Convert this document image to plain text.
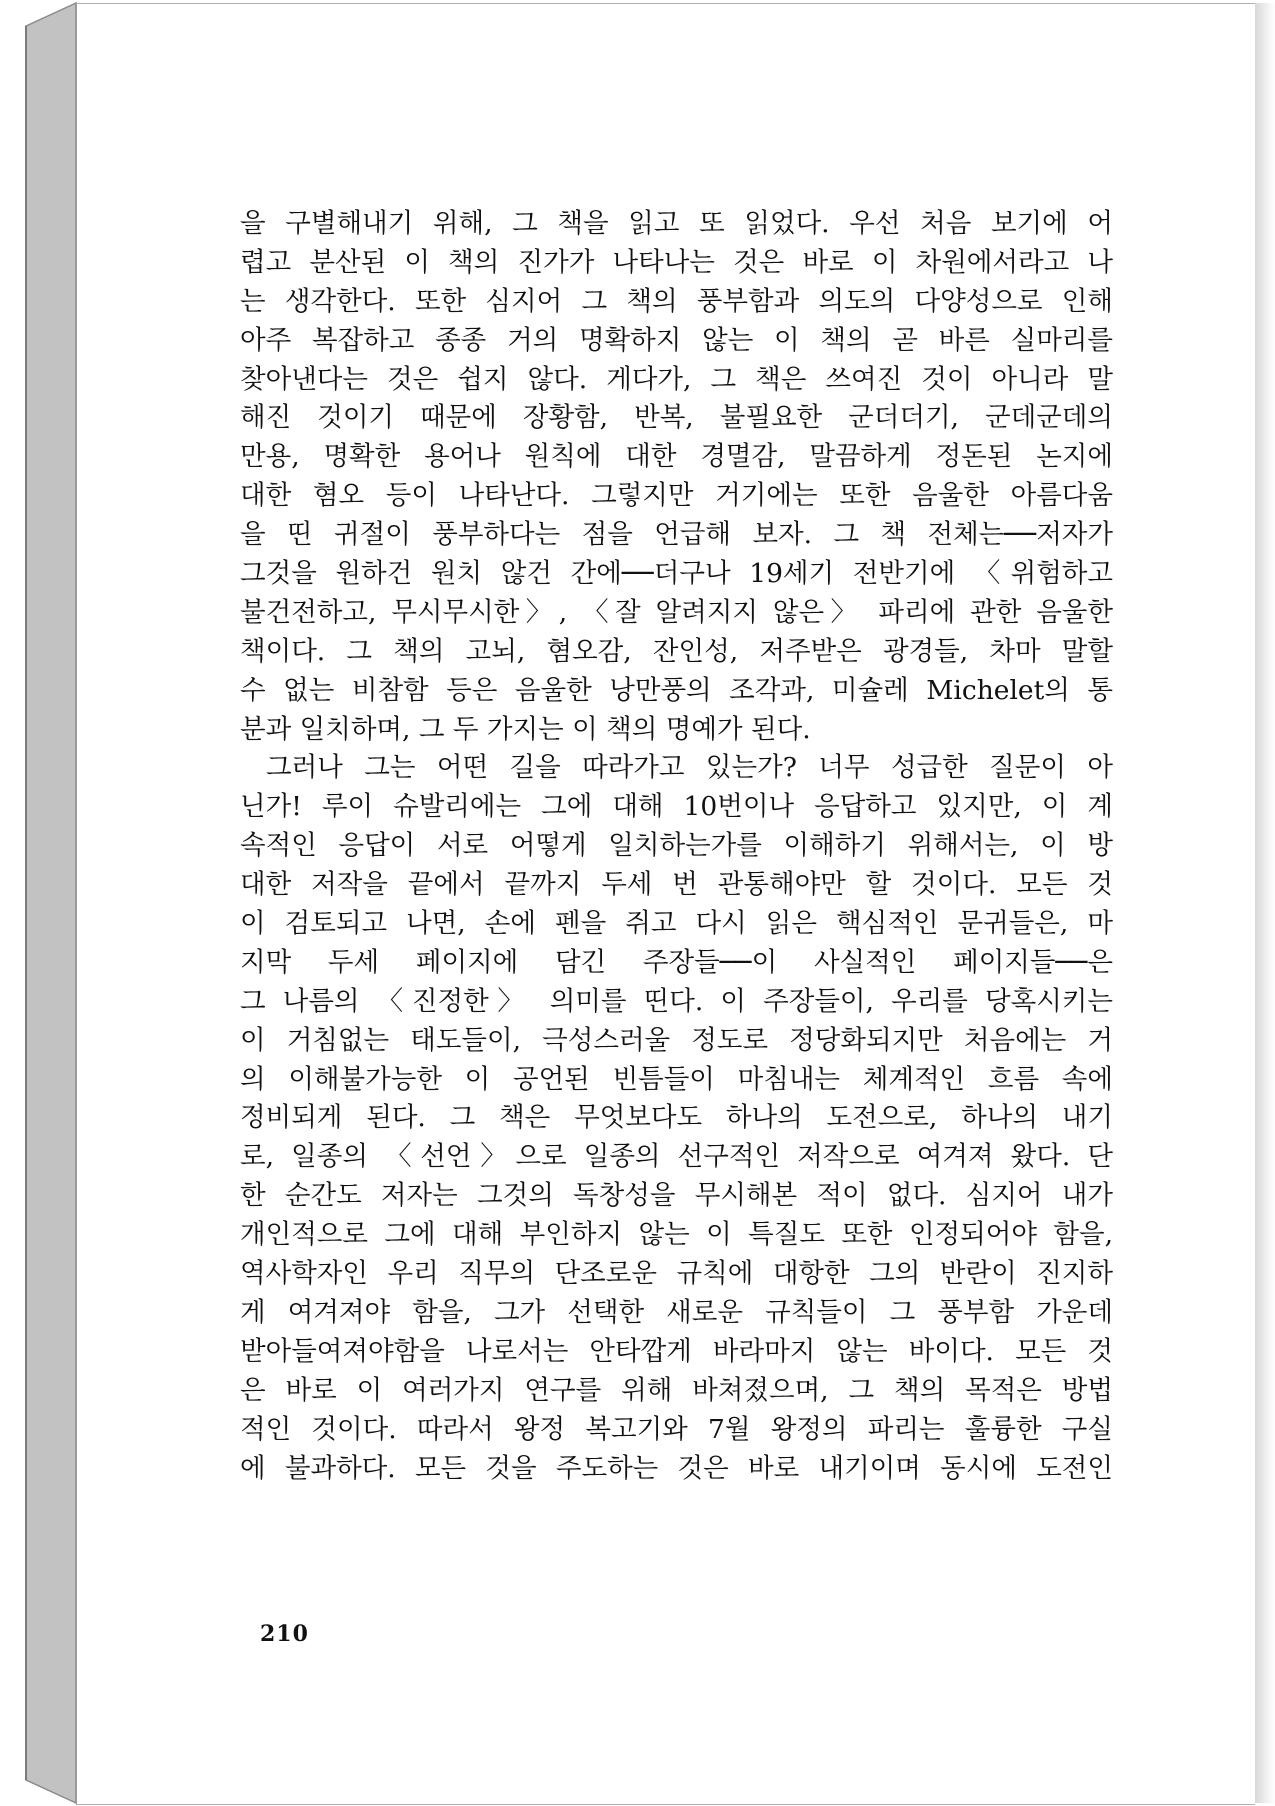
을 구별해내기 위해, 그 책을 읽고 또 읽었다. 우선 처음 보기에 어
렵고 분산된 이 책의 진가가 나타나는 것은 바로 이 차원에서라고 나
는 생각한다. 또한 심지어 그 책의 풍부함과 의도의 다양성으로 인해
아주 복잡하고 종종 거의 명확하지 않는 이 책의 곧 바른 실마리를
찾아낸다는 것은 쉽지 않다. 게다가, 그 책은 쓰여진 것이 아니라 말
해진 것이기 때문에 장황함, 반복, 불필요한 군더더기, 군데군데의
만용, 명확한 용어나 원칙에 대한 경멸감, 말끔하게 정돈된 논지에
대한 혐오 등이 나타난다. 그렇지만 거기에는 또한 음울한 아름다움
을 띤 귀절이 풍부하다는 점을 언급해 보자. 그 책 전체는──저자가
그것을 원하건 원치 않건 간에──더구나 19세기 전반기에 〈위험하고
불건전하고, 무시무시한〉, 〈잘 알려지지 않은〉 파리에 관한 음울한
책이다. 그 책의 고뇌, 혐오감, 잔인성, 저주받은 광경들, 차마 말할
수 없는 비참함 등은 음울한 낭만풍의 조각과, 미슐레 Michelet의 통
분과 일치하며, 그 두 가지는 이 책의 명예가 된다.
그러나 그는 어떤 길을 따라가고 있는가? 너무 성급한 질문이 아
닌가! 루이 슈발리에는 그에 대해 10번이나 응답하고 있지만, 이 계
속적인 응답이 서로 어떻게 일치하는가를 이해하기 위해서는, 이 방
대한 저작을 끝에서 끝까지 두세 번 관통해야만 할 것이다. 모든 것
이 검토되고 나면, 손에 펜을 쥐고 다시 읽은 핵심적인 문귀들은, 마
지막 두세 페이지에 담긴 주장들──이 사실적인 페이지들──은
그 나름의 〈진정한〉 의미를 띤다. 이 주장들이, 우리를 당혹시키는
이 거침없는 태도들이, 극성스러울 정도로 정당화되지만 처음에는 거
의 이해불가능한 이 공언된 빈틈들이 마침내는 체계적인 흐름 속에
정비되게 된다. 그 책은 무엇보다도 하나의 도전으로, 하나의 내기
로, 일종의 〈선언〉으로 일종의 선구적인 저작으로 여겨져 왔다. 단
한 순간도 저자는 그것의 독창성을 무시해본 적이 없다. 심지어 내가
개인적으로 그에 대해 부인하지 않는 이 특질도 또한 인정되어야 함을,
역사학자인 우리 직무의 단조로운 규칙에 대항한 그의 반란이 진지하
게 여겨져야 함을, 그가 선택한 새로운 규칙들이 그 풍부함 가운데
받아들여져야함을 나로서는 안타깝게 바라마지 않는 바이다. 모든 것
은 바로 이 여러가지 연구를 위해 바쳐졌으며, 그 책의 목적은 방법
적인 것이다. 따라서 왕정 복고기와 7월 왕정의 파리는 훌륭한 구실
에 불과하다. 모든 것을 주도하는 것은 바로 내기이며 동시에 도전인
210
